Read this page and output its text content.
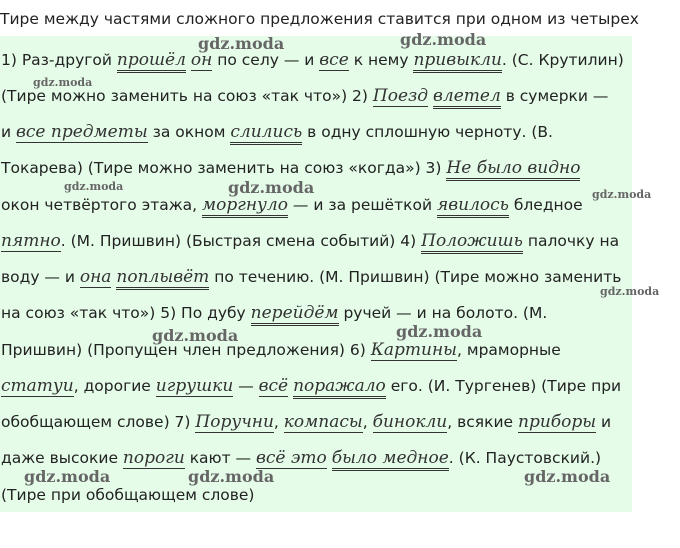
Тире между частями сложного предложения ставится при одном из четырех
1) Раз-другой прошёл он по селу — и все к нему привыкли. (С. Крутилин)
(Тире можно заменить на союз «так что») 2) Поезд влетел в сумерки —
и все предметы за окном слились в одну сплошную черноту. (В.
Токарева) (Тире можно заменить на союз «когда») 3) Не было видно
окон четвёртого этажа, моргнуло — и за решёткой явилось бледное
пятно. (М. Пришвин) (Быстрая смена событий) 4) Положишь палочку на
воду — и она поплывёт по течению. (М. Пришвин) (Тире можно заменить
на союз «так что») 5) По дубу перейдём ручей — и на болото. (М.
Пришвин) (Пропущен член предложения) 6) Картины, мраморные
статуи, дорогие игрушки — всё поражало его. (И. Тургенев) (Тире при
обобщающем слове) 7) Поручни, компасы, бинокли, всякие приборы и
даже высокие пороги кают — всё это было медное. (К. Паустовский.)
(Тире при обобщающем слове)
gdz.moda	gdz.moda
gdz.moda
gdz.moda	gdz.moda	gdz.moda
gdz.moda
gdz.moda	gdz.moda
gdz.moda	gdz.moda	gdz.moda
